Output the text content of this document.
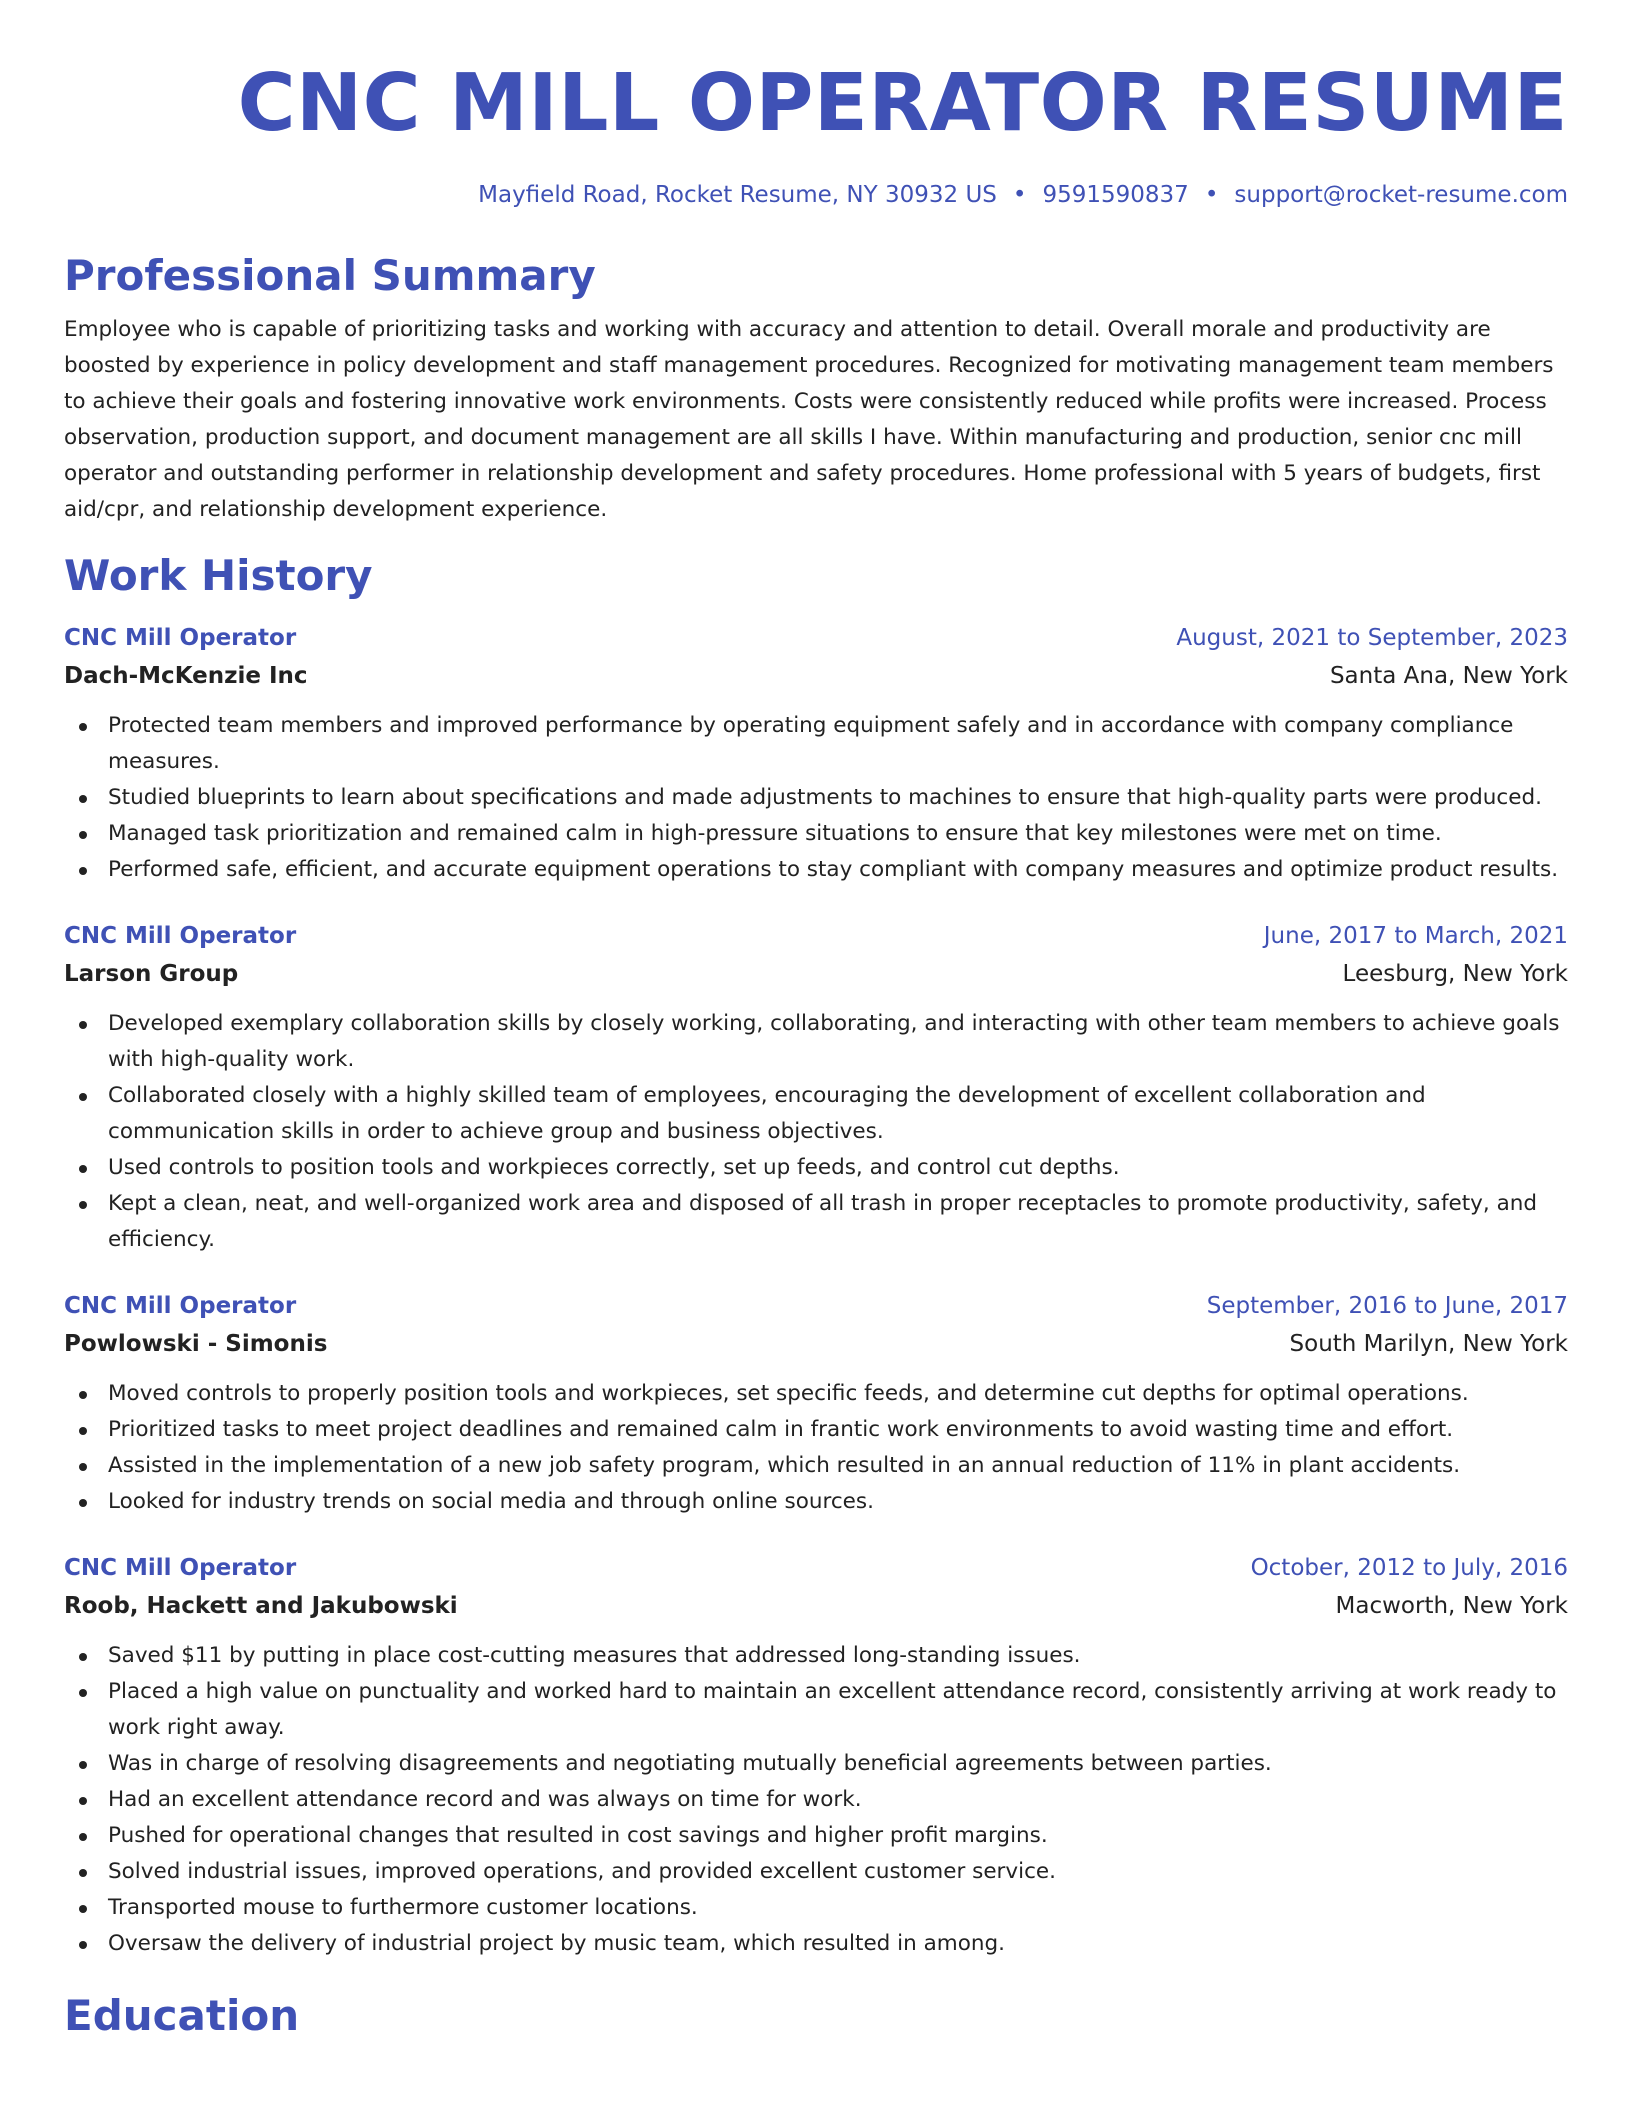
CNC MILL OPERATOR RESUME
Mayfield Road, Rocket Resume, NY 30932 US • 9591590837 • support@rocket-resume.com
Professional Summary

Employee who is capable of prioritizing tasks and working with accuracy and attention to detail. Overall morale and productivity are boosted by experience in policy development and staff management procedures. Recognized for motivating management team members to achieve their goals and fostering innovative work environments. Costs were consistently reduced while profits were increased. Process observation, production support, and document management are all skills I have. Within manufacturing and production, senior cnc mill operator and outstanding performer in relationship development and safety procedures. Home professional with 5 years of budgets, first aid/cpr, and relationship development experience.

Work History
CNC Mill Operator	August, 2021 to September, 2023
Dach-McKenzie Inc	Santa Ana, New York
Protected team members and improved performance by operating equipment safely and in accordance with company compliance measures.
Studied blueprints to learn about specifications and made adjustments to machines to ensure that high-quality parts were produced.
Managed task prioritization and remained calm in high-pressure situations to ensure that key milestones were met on time.
Performed safe, efficient, and accurate equipment operations to stay compliant with company measures and optimize product results.
CNC Mill Operator	June, 2017 to March, 2021
Larson Group	Leesburg, New York
Developed exemplary collaboration skills by closely working, collaborating, and interacting with other team members to achieve goals with high-quality work.
Collaborated closely with a highly skilled team of employees, encouraging the development of excellent collaboration and communication skills in order to achieve group and business objectives.
Used controls to position tools and workpieces correctly, set up feeds, and control cut depths.
Kept a clean, neat, and well-organized work area and disposed of all trash in proper receptacles to promote productivity, safety, and efficiency.
CNC Mill Operator	September, 2016 to June, 2017
Powlowski - Simonis	South Marilyn, New York
Moved controls to properly position tools and workpieces, set specific feeds, and determine cut depths for optimal operations.
Prioritized tasks to meet project deadlines and remained calm in frantic work environments to avoid wasting time and effort.
Assisted in the implementation of a new job safety program, which resulted in an annual reduction of 11% in plant accidents.
Looked for industry trends on social media and through online sources.
CNC Mill Operator	October, 2012 to July, 2016
Roob, Hackett and Jakubowski	Macworth, New York
Saved $11 by putting in place cost-cutting measures that addressed long-standing issues.
Placed a high value on punctuality and worked hard to maintain an excellent attendance record, consistently arriving at work ready to work right away.
Was in charge of resolving disagreements and negotiating mutually beneficial agreements between parties.
Had an excellent attendance record and was always on time for work.
Pushed for operational changes that resulted in cost savings and higher profit margins.
Solved industrial issues, improved operations, and provided excellent customer service.
Transported mouse to furthermore customer locations.
Oversaw the delivery of industrial project by music team, which resulted in among.
Education
